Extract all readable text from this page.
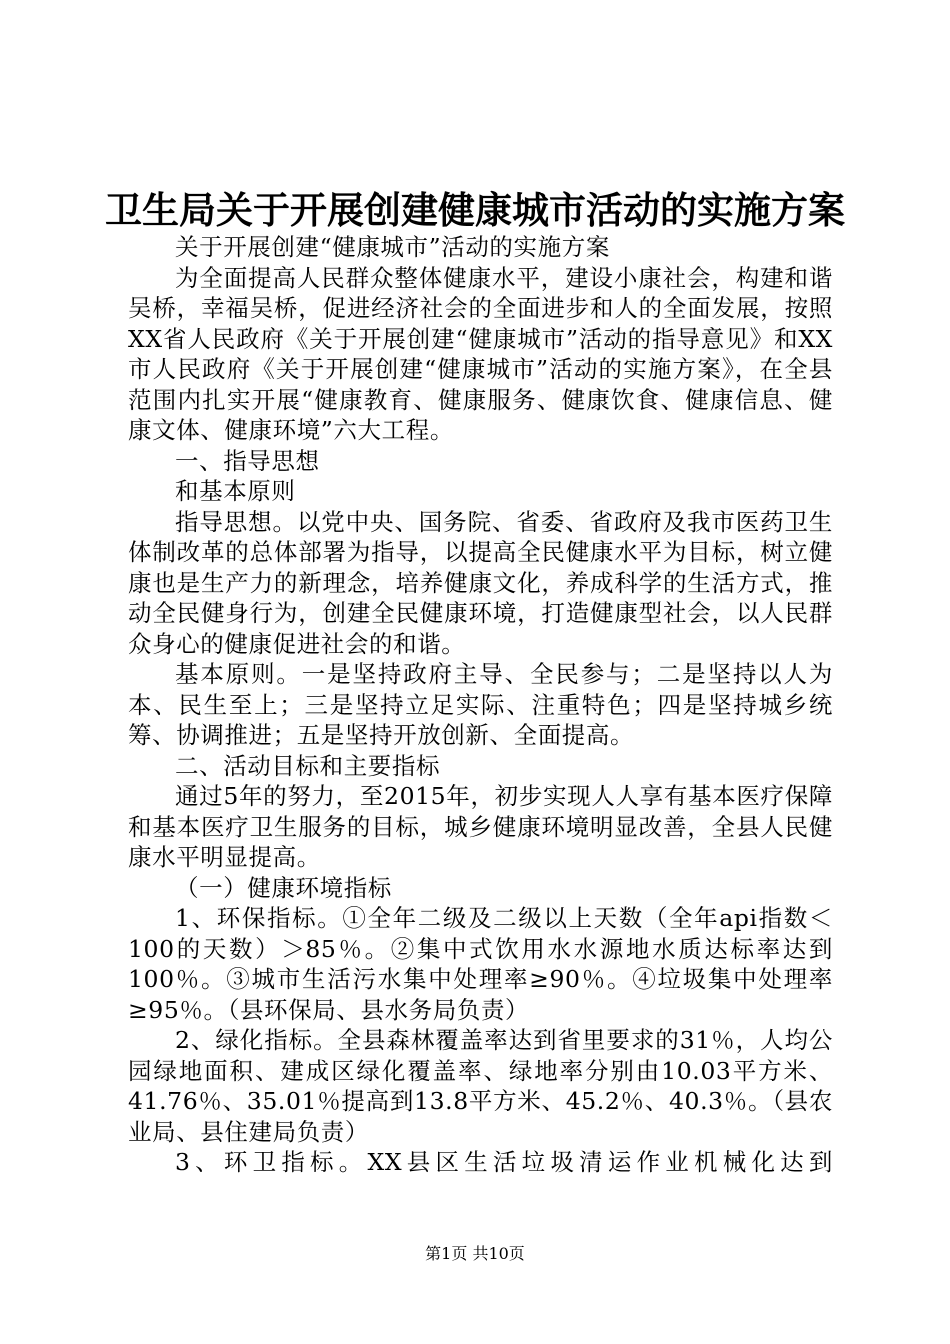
卫生局关于开展创建健康城市活动的实施方案

关于开展创建“健康城市”活动的实施方案

为全面提高人民群众整体健康水平，建设小康社会，构建和谐吴桥，幸福吴桥，促进经济社会的全面进步和人的全面发展，按照XX省人民政府《关于开展创建“健康城市”活动的指导意见》和XX市人民政府《关于开展创建“健康城市”活动的实施方案》，在全县范围内扎实开展“健康教育、健康服务、健康饮食、健康信息、健康文体、健康环境”六大工程。

一、指导思想

和基本原则

指导思想。以党中央、国务院、省委、省政府及我市医药卫生体制改革的总体部署为指导，以提高全民健康水平为目标，树立健康也是生产力的新理念，培养健康文化，养成科学的生活方式，推动全民健身行为，创建全民健康环境，打造健康型社会，以人民群众身心的健康促进社会的和谐。

基本原则。一是坚持政府主导、全民参与；二是坚持以人为本、民生至上；三是坚持立足实际、注重特色；四是坚持城乡统筹、协调推进；五是坚持开放创新、全面提高。

二、活动目标和主要指标

通过5年的努力，至2015年，初步实现人人享有基本医疗保障和基本医疗卫生服务的目标，城乡健康环境明显改善，全县人民健康水平明显提高。

（一）健康环境指标

1、环保指标。①全年二级及二级以上天数（全年api指数＜100的天数）＞85％。②集中式饮用水水源地水质达标率达到100％。③城市生活污水集中处理率≥90％。④垃圾集中处理率≥95％。（县环保局、县水务局负责）

2、绿化指标。全县森林覆盖率达到省里要求的31％，人均公园绿地面积、建成区绿化覆盖率、绿地率分别由10.03平方米、41.76％、35.01％提高到13.8平方米、45.2％、40.3％。（县农业局、县住建局负责）

3、环卫指标。XX县区生活垃圾清运作业机械化达到

第1页 共10页
